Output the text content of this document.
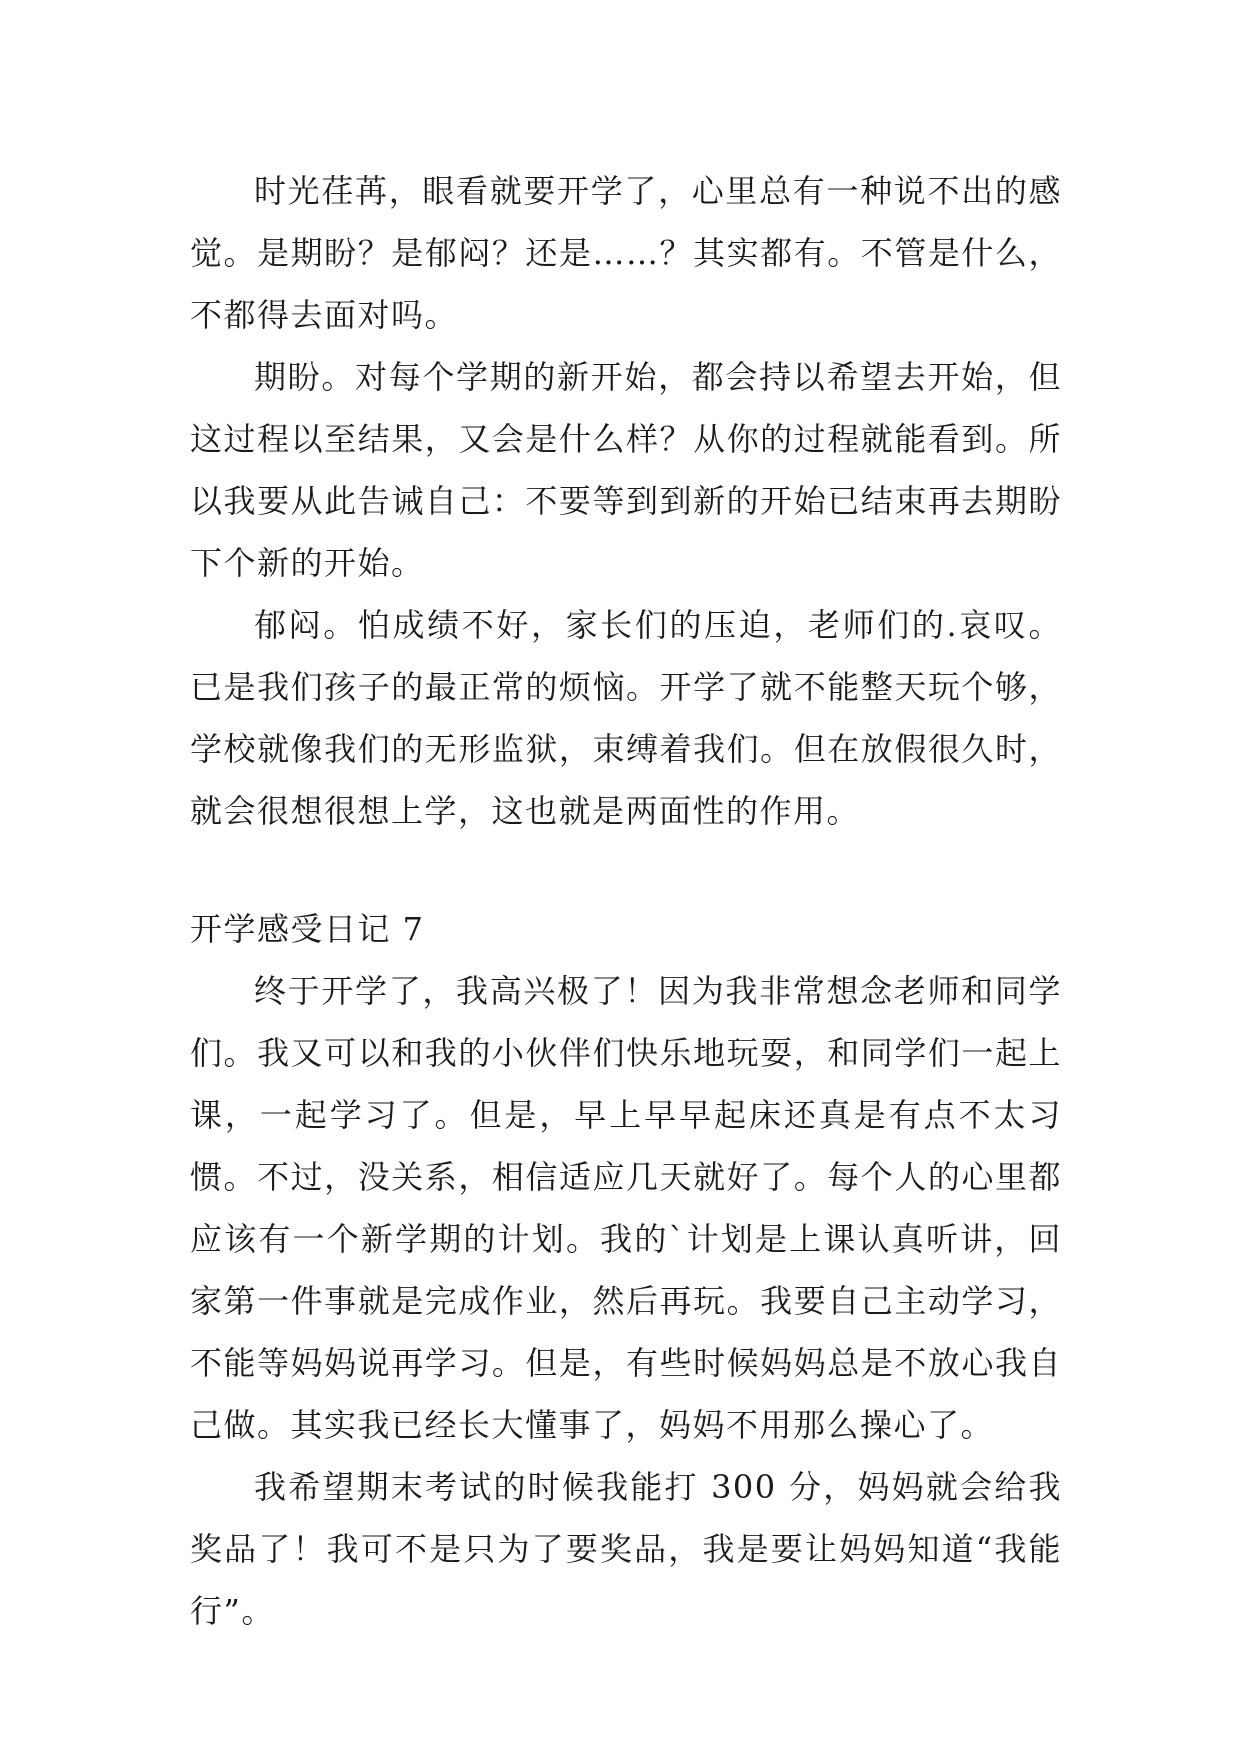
时光荏苒，眼看就要开学了，心里总有一种说不出的感觉。是期盼？是郁闷？还是……？其实都有。不管是什么，不都得去面对吗。

期盼。对每个学期的新开始，都会持以希望去开始，但这过程以至结果，又会是什么样？从你的过程就能看到。所以我要从此告诫自己：不要等到到新的开始已结束再去期盼下个新的开始。

郁闷。怕成绩不好，家长们的压迫，老师们的.哀叹。已是我们孩子的最正常的烦恼。开学了就不能整天玩个够，学校就像我们的无形监狱，束缚着我们。但在放假很久时，就会很想很想上学，这也就是两面性的作用。

开学感受日记 7

终于开学了，我高兴极了！因为我非常想念老师和同学们。我又可以和我的小伙伴们快乐地玩耍，和同学们一起上课，一起学习了。但是，早上早早起床还真是有点不太习惯。不过，没关系，相信适应几天就好了。每个人的心里都应该有一个新学期的计划。我的`计划是上课认真听讲，回家第一件事就是完成作业，然后再玩。我要自己主动学习，不能等妈妈说再学习。但是，有些时候妈妈总是不放心我自己做。其实我已经长大懂事了，妈妈不用那么操心了。

我希望期末考试的时候我能打 300 分，妈妈就会给我奖品了！我可不是只为了要奖品，我是要让妈妈知道“我能行”。
